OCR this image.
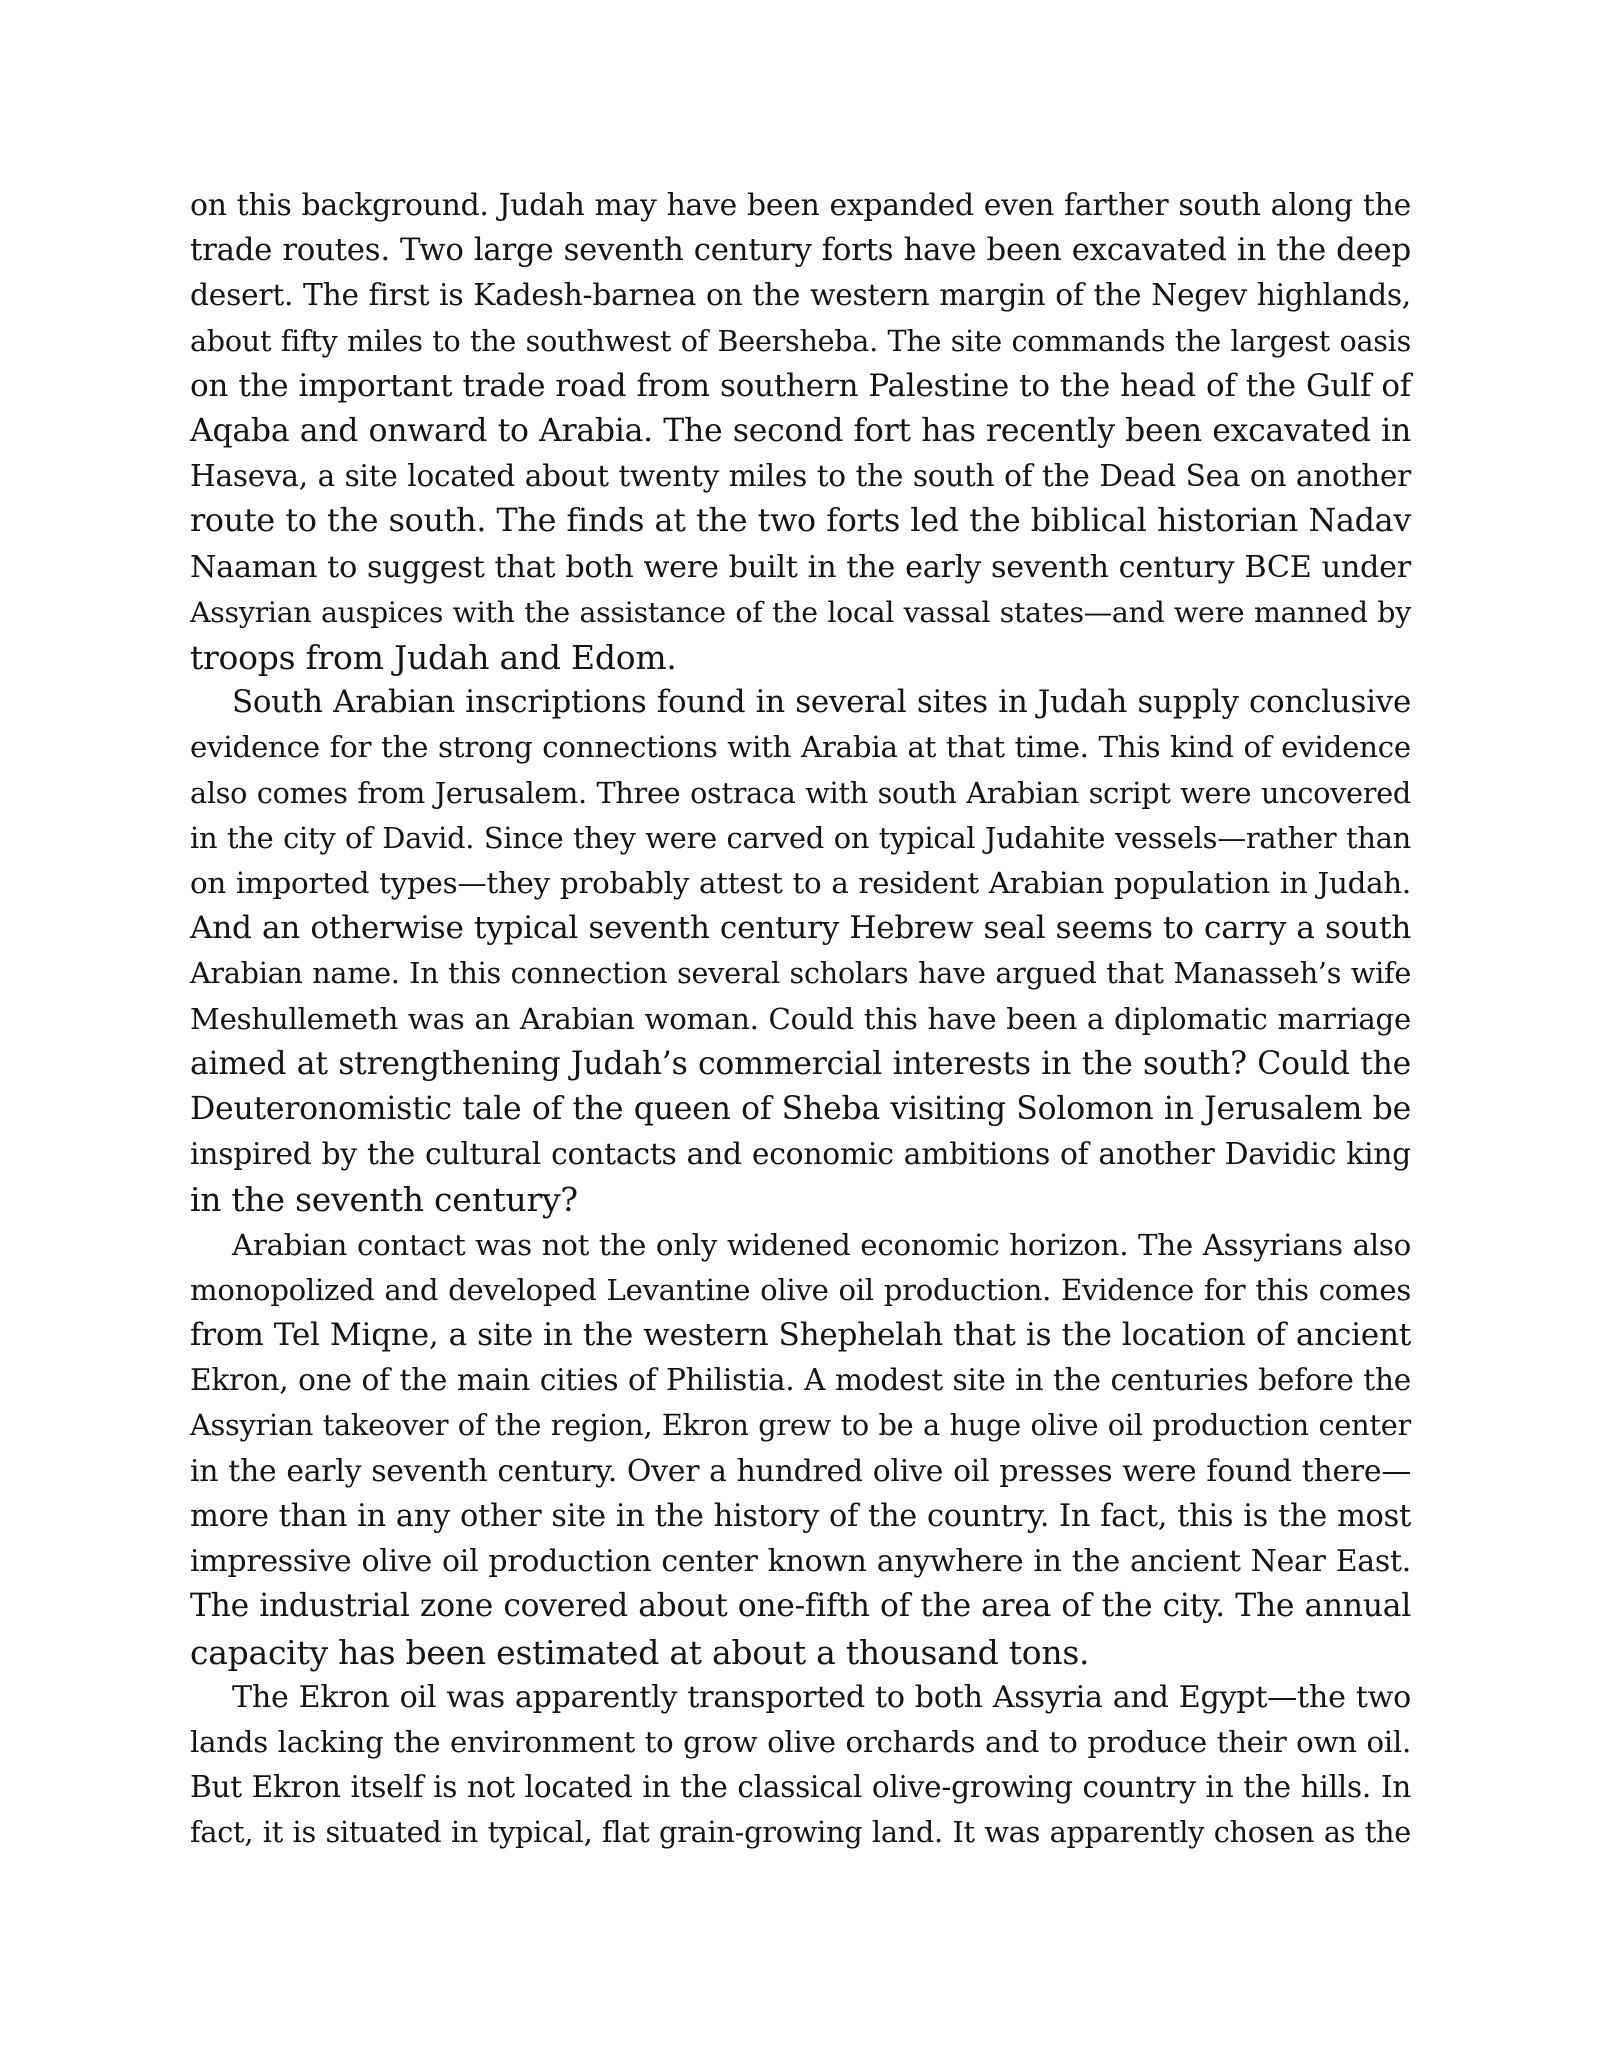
on this background. Judah may have been expanded even farther south along the
trade routes. Two large seventh century forts have been excavated in the deep
desert. The first is Kadesh-barnea on the western margin of the Negev highlands,
about fifty miles to the southwest of Beersheba. The site commands the largest oasis
on the important trade road from southern Palestine to the head of the Gulf of
Aqaba and onward to Arabia. The second fort has recently been excavated in
Haseva, a site located about twenty miles to the south of the Dead Sea on another
route to the south. The finds at the two forts led the biblical historian Nadav
Naaman to suggest that both were built in the early seventh century BCE under
Assyrian auspices with the assistance of the local vassal states—and were manned by
troops from Judah and Edom.

South Arabian inscriptions found in several sites in Judah supply conclusive
evidence for the strong connections with Arabia at that time. This kind of evidence
also comes from Jerusalem. Three ostraca with south Arabian script were uncovered
in the city of David. Since they were carved on typical Judahite vessels—rather than
on imported types—they probably attest to a resident Arabian population in Judah.
And an otherwise typical seventh century Hebrew seal seems to carry a south
Arabian name. In this connection several scholars have argued that Manasseh’s wife
Meshullemeth was an Arabian woman. Could this have been a diplomatic marriage
aimed at strengthening Judah’s commercial interests in the south? Could the
Deuteronomistic tale of the queen of Sheba visiting Solomon in Jerusalem be
inspired by the cultural contacts and economic ambitions of another Davidic king
in the seventh century?

Arabian contact was not the only widened economic horizon. The Assyrians also
monopolized and developed Levantine olive oil production. Evidence for this comes
from Tel Miqne, a site in the western Shephelah that is the location of ancient
Ekron, one of the main cities of Philistia. A modest site in the centuries before the
Assyrian takeover of the region, Ekron grew to be a huge olive oil production center
in the early seventh century. Over a hundred olive oil presses were found there—
more than in any other site in the history of the country. In fact, this is the most
impressive olive oil production center known anywhere in the ancient Near East.
The industrial zone covered about one-fifth of the area of the city. The annual
capacity has been estimated at about a thousand tons.

The Ekron oil was apparently transported to both Assyria and Egypt—the two
lands lacking the environment to grow olive orchards and to produce their own oil.
But Ekron itself is not located in the classical olive-growing country in the hills. In
fact, it is situated in typical, flat grain-growing land. It was apparently chosen as the
